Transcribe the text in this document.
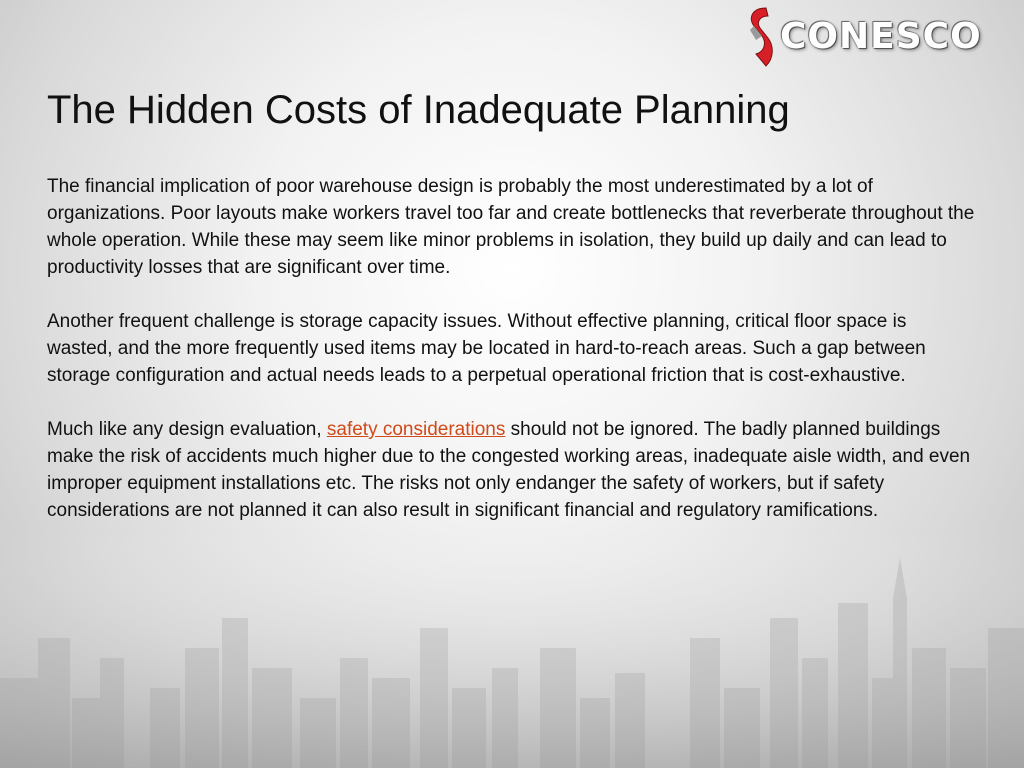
CONESCO
The Hidden Costs of Inadequate Planning

The financial implication of poor warehouse design is probably the most underestimated by a lot of organizations. Poor layouts make workers travel too far and create bottlenecks that reverberate throughout the whole operation. While these may seem like minor problems in isolation, they build up daily and can lead to productivity losses that are significant over time.

Another frequent challenge is storage capacity issues. Without effective planning, critical floor space is wasted, and the more frequently used items may be located in hard-to-reach areas. Such a gap between storage configuration and actual needs leads to a perpetual operational friction that is cost-exhaustive.

Much like any design evaluation, safety considerations should not be ignored. The badly planned buildings make the risk of accidents much higher due to the congested working areas, inadequate aisle width, and even improper equipment installations etc. The risks not only endanger the safety of workers, but if safety considerations are not planned it can also result in significant financial and regulatory ramifications.
